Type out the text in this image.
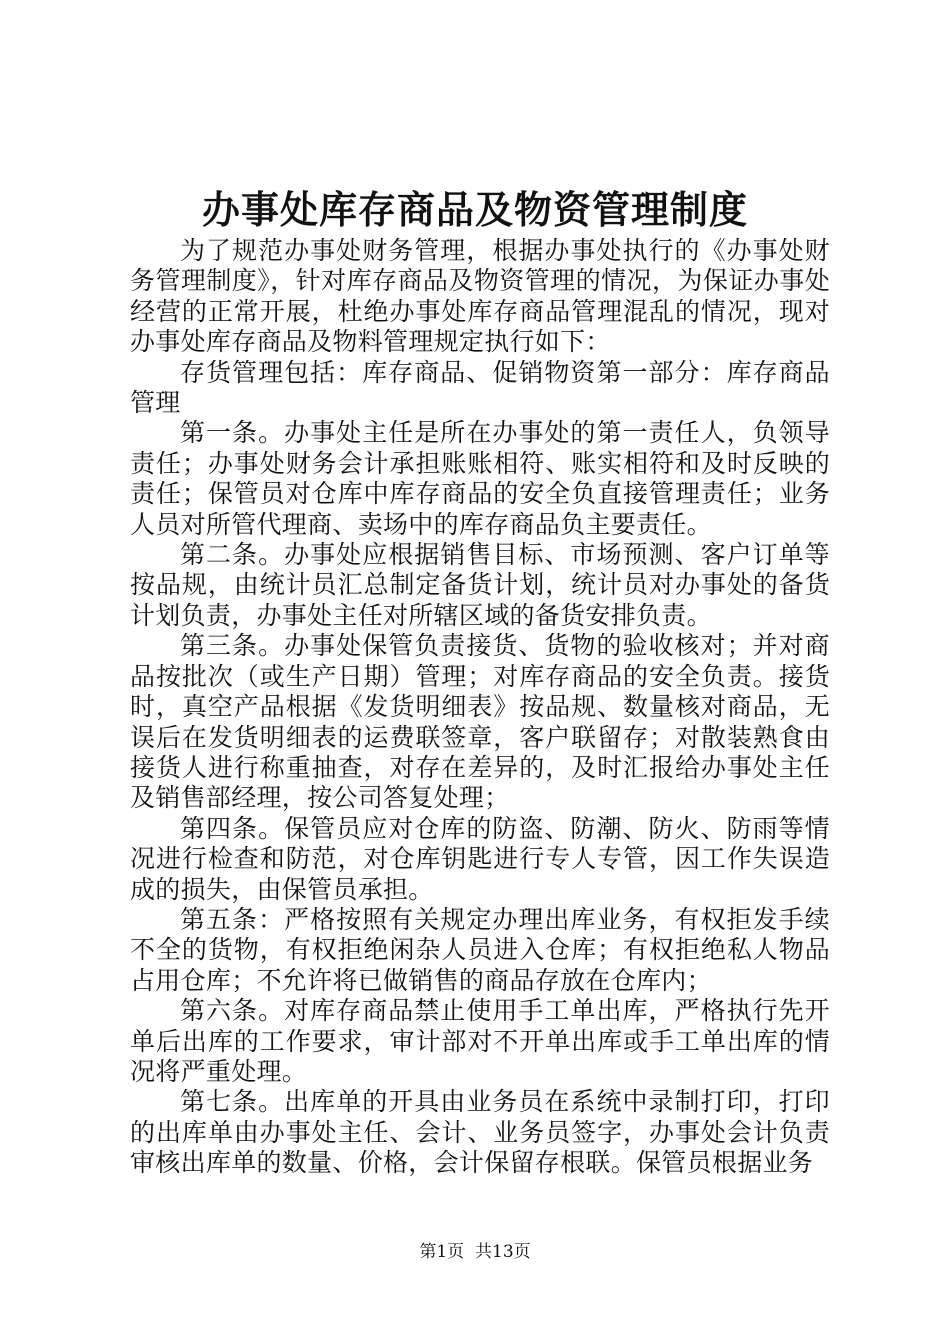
办事处库存商品及物资管理制度

为了规范办事处财务管理，根据办事处执行的《办事处财务管理制度》，针对库存商品及物资管理的情况，为保证办事处经营的正常开展，杜绝办事处库存商品管理混乱的情况，现对办事处库存商品及物料管理规定执行如下：

存货管理包括：库存商品、促销物资第一部分：库存商品管理

第一条。办事处主任是所在办事处的第一责任人，负领导责任；办事处财务会计承担账账相符、账实相符和及时反映的责任；保管员对仓库中库存商品的安全负直接管理责任；业务人员对所管代理商、卖场中的库存商品负主要责任。

第二条。办事处应根据销售目标、市场预测、客户订单等按品规，由统计员汇总制定备货计划，统计员对办事处的备货计划负责，办事处主任对所辖区域的备货安排负责。

第三条。办事处保管负责接货、货物的验收核对；并对商品按批次（或生产日期）管理；对库存商品的安全负责。接货时，真空产品根据《发货明细表》按品规、数量核对商品，无误后在发货明细表的运费联签章，客户联留存；对散装熟食由接货人进行称重抽查，对存在差异的，及时汇报给办事处主任及销售部经理，按公司答复处理；

第四条。保管员应对仓库的防盗、防潮、防火、防雨等情况进行检查和防范，对仓库钥匙进行专人专管，因工作失误造成的损失，由保管员承担。

第五条：严格按照有关规定办理出库业务，有权拒发手续不全的货物，有权拒绝闲杂人员进入仓库；有权拒绝私人物品占用仓库；不允许将已做销售的商品存放在仓库内；

第六条。对库存商品禁止使用手工单出库，严格执行先开单后出库的工作要求，审计部对不开单出库或手工单出库的情况将严重处理。

第七条。出库单的开具由业务员在系统中录制打印，打印的出库单由办事处主任、会计、业务员签字，办事处会计负责审核出库单的数量、价格，会计保留存根联。保管员根据业务

第1页 共13页
